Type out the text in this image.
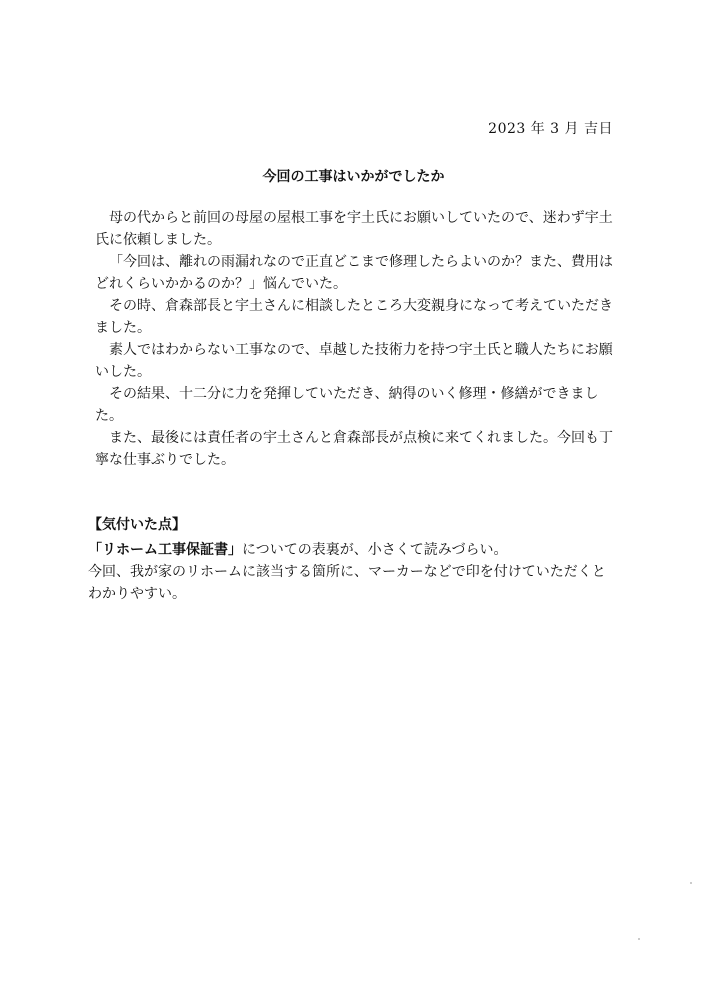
2023 年 3 月 吉日
今回の工事はいかがでしたか

母の代からと前回の母屋の屋根工事を宇土氏にお願いしていたので、迷わず宇土氏に依頼しました。

「今回は、離れの雨漏れなので正直どこまで修理したらよいのか？また、費用はどれくらいかかるのか？」悩んでいた。

その時、倉森部長と宇土さんに相談したところ大変親身になって考えていただきました。

素人ではわからない工事なので、卓越した技術力を持つ宇土氏と職人たちにお願いした。

その結果、十二分に力を発揮していただき、納得のいく修理・修繕ができました。

また、最後には責任者の宇土さんと倉森部長が点検に来てくれました。今回も丁寧な仕事ぶりでした。

【気付いた点】

「リホーム工事保証書」についての表裏が、小さくて読みづらい。

今回、我が家のリホームに該当する箇所に、マーカーなどで印を付けていただくとわかりやすい。
